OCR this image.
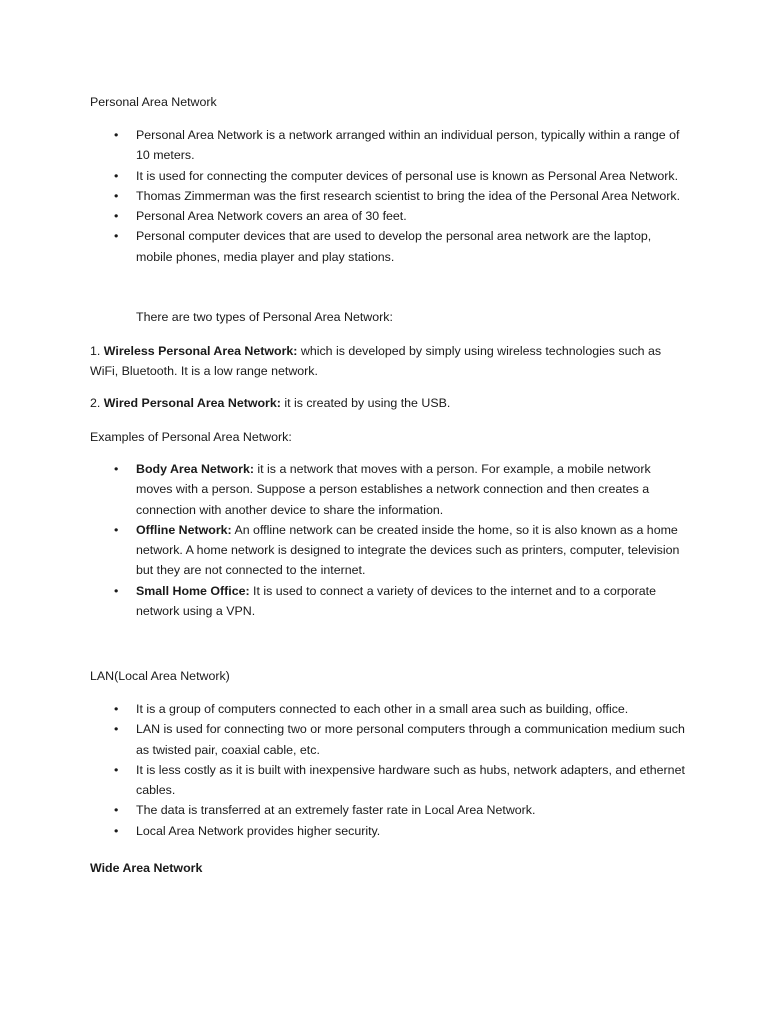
Personal Area Network
• Personal Area Network is a network arranged within an individual person, typically within a range of 10 meters.
• It is used for connecting the computer devices of personal use is known as Personal Area Network.
• Thomas Zimmerman was the first research scientist to bring the idea of the Personal Area Network.
• Personal Area Network covers an area of 30 feet.
• Personal computer devices that are used to develop the personal area network are the laptop, mobile phones, media player and play stations.
There are two types of Personal Area Network:
1. Wireless Personal Area Network: which is developed by simply using wireless technologies such as WiFi, Bluetooth. It is a low range network.
2. Wired Personal Area Network: it is created by using the USB.
Examples of Personal Area Network:
• Body Area Network: it is a network that moves with a person. For example, a mobile network moves with a person. Suppose a person establishes a network connection and then creates a connection with another device to share the information.
• Offline Network: An offline network can be created inside the home, so it is also known as a home network. A home network is designed to integrate the devices such as printers, computer, television but they are not connected to the internet.
• Small Home Office: It is used to connect a variety of devices to the internet and to a corporate network using a VPN.
LAN(Local Area Network)
• It is a group of computers connected to each other in a small area such as building, office.
• LAN is used for connecting two or more personal computers through a communication medium such as twisted pair, coaxial cable, etc.
• It is less costly as it is built with inexpensive hardware such as hubs, network adapters, and ethernet cables.
• The data is transferred at an extremely faster rate in Local Area Network.
• Local Area Network provides higher security.
Wide Area Network
